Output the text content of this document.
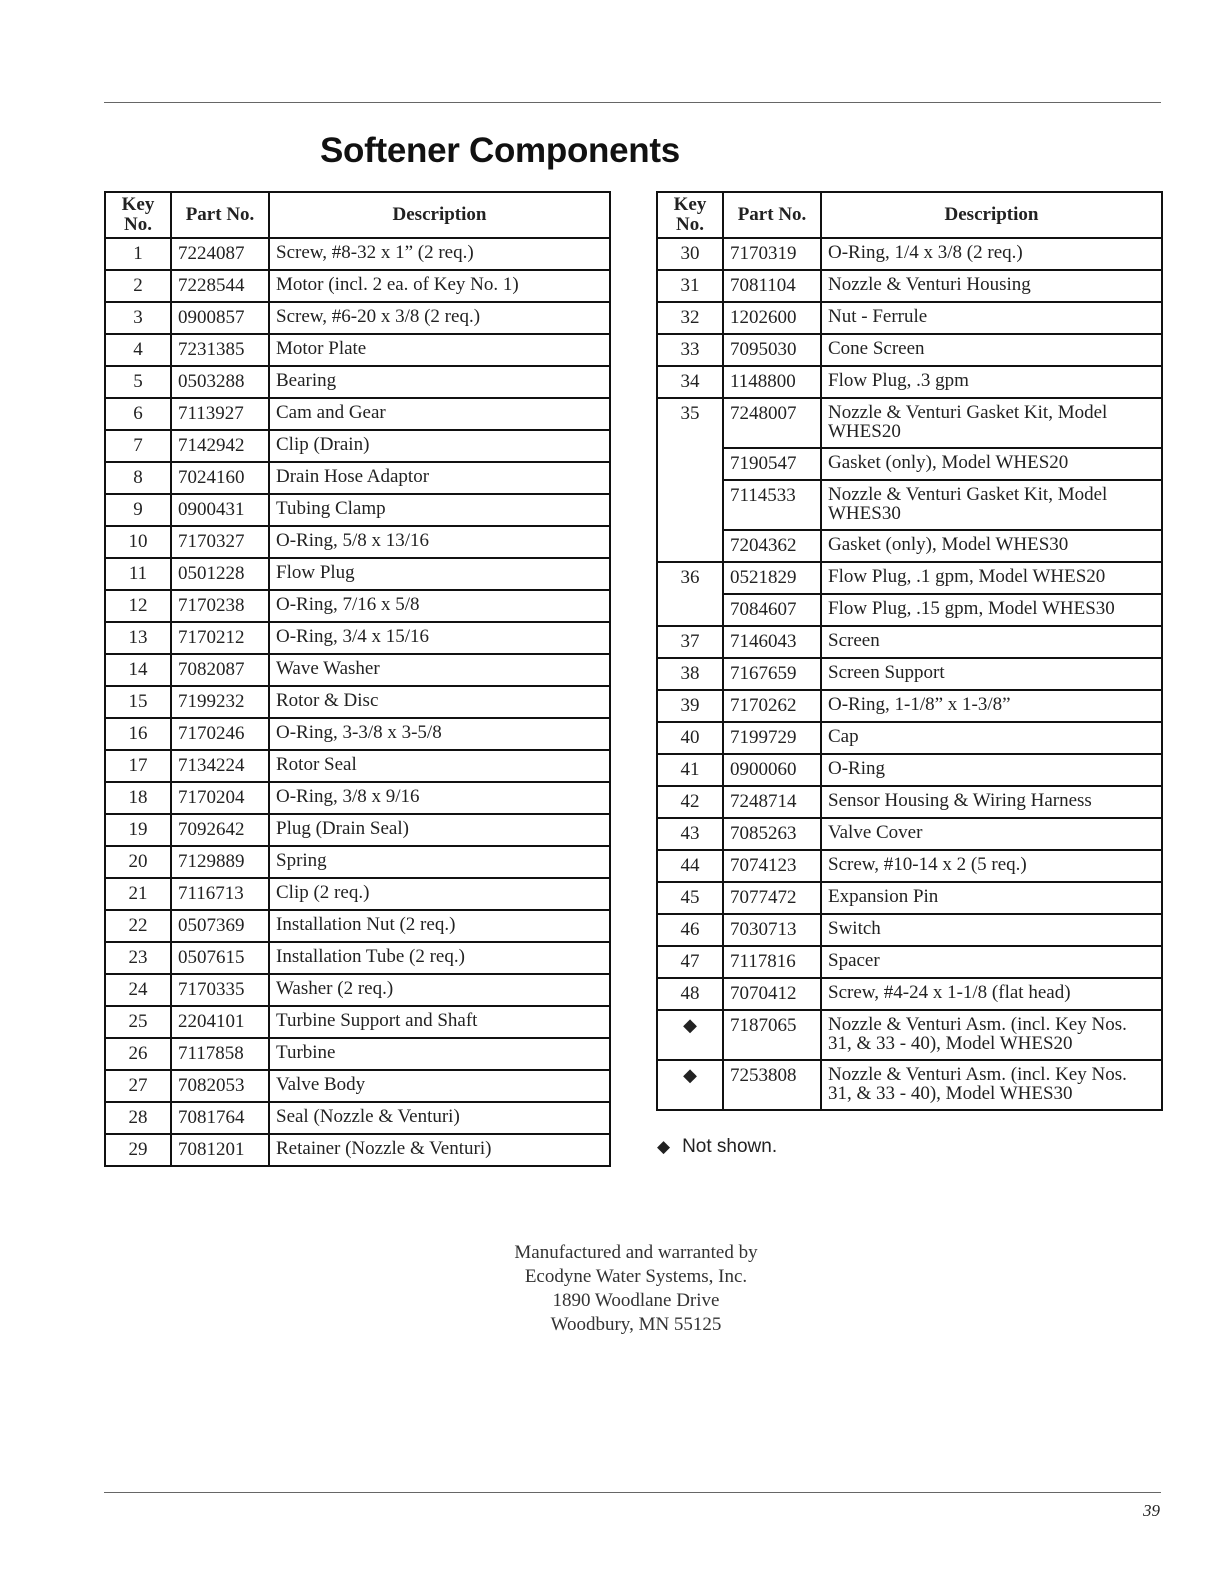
Softener Components
Key No.	Part No.	Description
1	7224087	Screw, #8-32 x 1” (2 req.)
2	7228544	Motor (incl. 2 ea. of Key No. 1)
3	0900857	Screw, #6-20 x 3/8 (2 req.)
4	7231385	Motor Plate
5	0503288	Bearing
6	7113927	Cam and Gear
7	7142942	Clip (Drain)
8	7024160	Drain Hose Adaptor
9	0900431	Tubing Clamp
10	7170327	O-Ring, 5/8 x 13/16
11	0501228	Flow Plug
12	7170238	O-Ring, 7/16 x 5/8
13	7170212	O-Ring, 3/4 x 15/16
14	7082087	Wave Washer
15	7199232	Rotor & Disc
16	7170246	O-Ring, 3-3/8 x 3-5/8
17	7134224	Rotor Seal
18	7170204	O-Ring, 3/8 x 9/16
19	7092642	Plug (Drain Seal)
20	7129889	Spring
21	7116713	Clip (2 req.)
22	0507369	Installation Nut (2 req.)
23	0507615	Installation Tube (2 req.)
24	7170335	Washer (2 req.)
25	2204101	Turbine Support and Shaft
26	7117858	Turbine
27	7082053	Valve Body
28	7081764	Seal (Nozzle & Venturi)
29	7081201	Retainer (Nozzle & Venturi)
Key No.	Part No.	Description
30	7170319	O-Ring, 1/4 x 3/8 (2 req.)
31	7081104	Nozzle & Venturi Housing
32	1202600	Nut - Ferrule
33	7095030	Cone Screen
34	1148800	Flow Plug, .3 gpm
35	7248007	Nozzle & Venturi Gasket Kit, Model WHES20
	7190547	Gasket (only), Model WHES20
	7114533	Nozzle & Venturi Gasket Kit, Model WHES30
	7204362	Gasket (only), Model WHES30
36	0521829	Flow Plug, .1 gpm, Model WHES20
	7084607	Flow Plug, .15 gpm, Model WHES30
37	7146043	Screen
38	7167659	Screen Support
39	7170262	O-Ring, 1-1/8” x 1-3/8”
40	7199729	Cap
41	0900060	O-Ring
42	7248714	Sensor Housing & Wiring Harness
43	7085263	Valve Cover
44	7074123	Screw, #10-14 x 2 (5 req.)
45	7077472	Expansion Pin
46	7030713	Switch
47	7117816	Spacer
48	7070412	Screw, #4-24 x 1-1/8 (flat head)
◆	7187065	Nozzle & Venturi Asm. (incl. Key Nos. 31, & 33 - 40), Model WHES20
◆	7253808	Nozzle & Venturi Asm. (incl. Key Nos. 31, & 33 - 40), Model WHES30
◆ Not shown.
Manufactured and warranted by
Ecodyne Water Systems, Inc.
1890 Woodlane Drive
Woodbury, MN 55125
39
